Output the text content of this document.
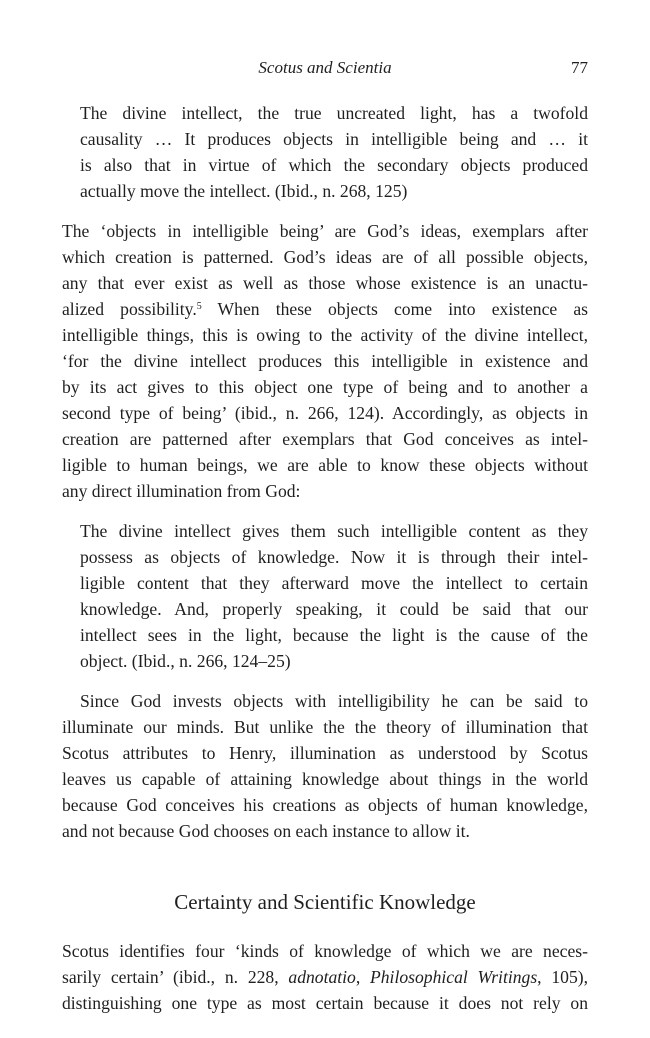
Scotus and Scientia	77
The divine intellect, the true uncreated light, has a twofold
causality … It produces objects in intelligible being and … it
is also that in virtue of which the secondary objects produced
actually move the intellect. (Ibid., n. 268, 125)
The ‘objects in intelligible being’ are God’s ideas, exemplars after
which creation is patterned. God’s ideas are of all possible objects,
any that ever exist as well as those whose existence is an unactu-
alized possibility.$^5$ When these objects come into existence as
intelligible things, this is owing to the activity of the divine intellect,
‘for the divine intellect produces this intelligible in existence and
by its act gives to this object one type of being and to another a
second type of being’ (ibid., n. 266, 124). Accordingly, as objects in
creation are patterned after exemplars that God conceives as intel-
ligible to human beings, we are able to know these objects without
any direct illumination from God:
The divine intellect gives them such intelligible content as they
possess as objects of knowledge. Now it is through their intel-
ligible content that they afterward move the intellect to certain
knowledge. And, properly speaking, it could be said that our
intellect sees in the light, because the light is the cause of the
object. (Ibid., n. 266, 124–25)
Since God invests objects with intelligibility he can be said to
illuminate our minds. But unlike the the theory of illumination that
Scotus attributes to Henry, illumination as understood by Scotus
leaves us capable of attaining knowledge about things in the world
because God conceives his creations as objects of human knowledge,
and not because God chooses on each instance to allow it.
Certainty and Scientific Knowledge
Scotus identifies four ‘kinds of knowledge of which we are neces-
sarily certain’ (ibid., n. 228, adnotatio, Philosophical Writings, 105),
distinguishing one type as most certain because it does not rely on
